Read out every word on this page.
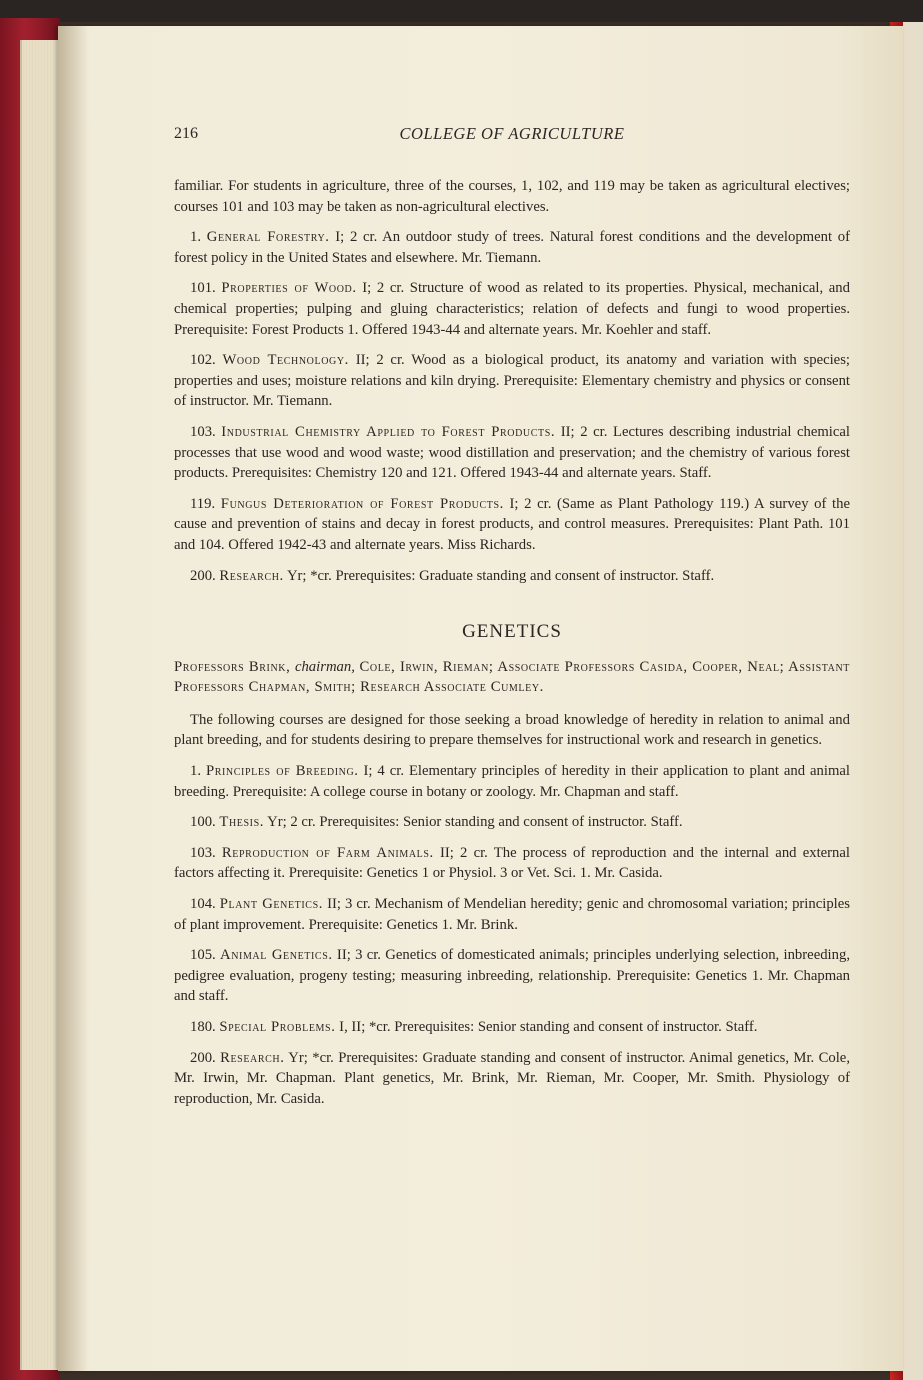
216	COLLEGE OF AGRICULTURE

familiar. For students in agriculture, three of the courses, 1, 102, and 119 may be taken as agricultural electives; courses 101 and 103 may be taken as non-agricultural electives.

1. General Forestry. I; 2 cr. An outdoor study of trees. Natural forest conditions and the development of forest policy in the United States and elsewhere. Mr. Tiemann.

101. Properties of Wood. I; 2 cr. Structure of wood as related to its properties. Physical, mechanical, and chemical properties; pulping and gluing characteristics; relation of defects and fungi to wood properties. Prerequisite: Forest Products 1. Offered 1943-44 and alternate years. Mr. Koehler and staff.

102. Wood Technology. II; 2 cr. Wood as a biological product, its anatomy and variation with species; properties and uses; moisture relations and kiln drying. Prerequisite: Elementary chemistry and physics or consent of instructor. Mr. Tiemann.

103. Industrial Chemistry Applied to Forest Products. II; 2 cr. Lectures describing industrial chemical processes that use wood and wood waste; wood distillation and preservation; and the chemistry of various forest products. Prerequisites: Chemistry 120 and 121. Offered 1943-44 and alternate years. Staff.

119. Fungus Deterioration of Forest Products. I; 2 cr. (Same as Plant Pathology 119.) A survey of the cause and prevention of stains and decay in forest products, and control measures. Prerequisites: Plant Path. 101 and 104. Offered 1942-43 and alternate years. Miss Richards.

200. Research. Yr; *cr. Prerequisites: Graduate standing and consent of instructor. Staff.

GENETICS

Professors Brink, chairman, Cole, Irwin, Rieman; Associate Professors Casida, Cooper, Neal; Assistant Professors Chapman, Smith; Research Associate Cumley.

The following courses are designed for those seeking a broad knowledge of heredity in relation to animal and plant breeding, and for students desiring to prepare themselves for instructional work and research in genetics.

1. Principles of Breeding. I; 4 cr. Elementary principles of heredity in their application to plant and animal breeding. Prerequisite: A college course in botany or zoology. Mr. Chapman and staff.

100. Thesis. Yr; 2 cr. Prerequisites: Senior standing and consent of instructor. Staff.

103. Reproduction of Farm Animals. II; 2 cr. The process of reproduction and the internal and external factors affecting it. Prerequisite: Genetics 1 or Physiol. 3 or Vet. Sci. 1. Mr. Casida.

104. Plant Genetics. II; 3 cr. Mechanism of Mendelian heredity; genic and chromosomal variation; principles of plant improvement. Prerequisite: Genetics 1. Mr. Brink.

105. Animal Genetics. II; 3 cr. Genetics of domesticated animals; principles underlying selection, inbreeding, pedigree evaluation, progeny testing; measuring inbreeding, relationship. Prerequisite: Genetics 1. Mr. Chapman and staff.

180. Special Problems. I, II; *cr. Prerequisites: Senior standing and consent of instructor. Staff.

200. Research. Yr; *cr. Prerequisites: Graduate standing and consent of instructor. Animal genetics, Mr. Cole, Mr. Irwin, Mr. Chapman. Plant genetics, Mr. Brink, Mr. Rieman, Mr. Cooper, Mr. Smith. Physiology of reproduction, Mr. Casida.
